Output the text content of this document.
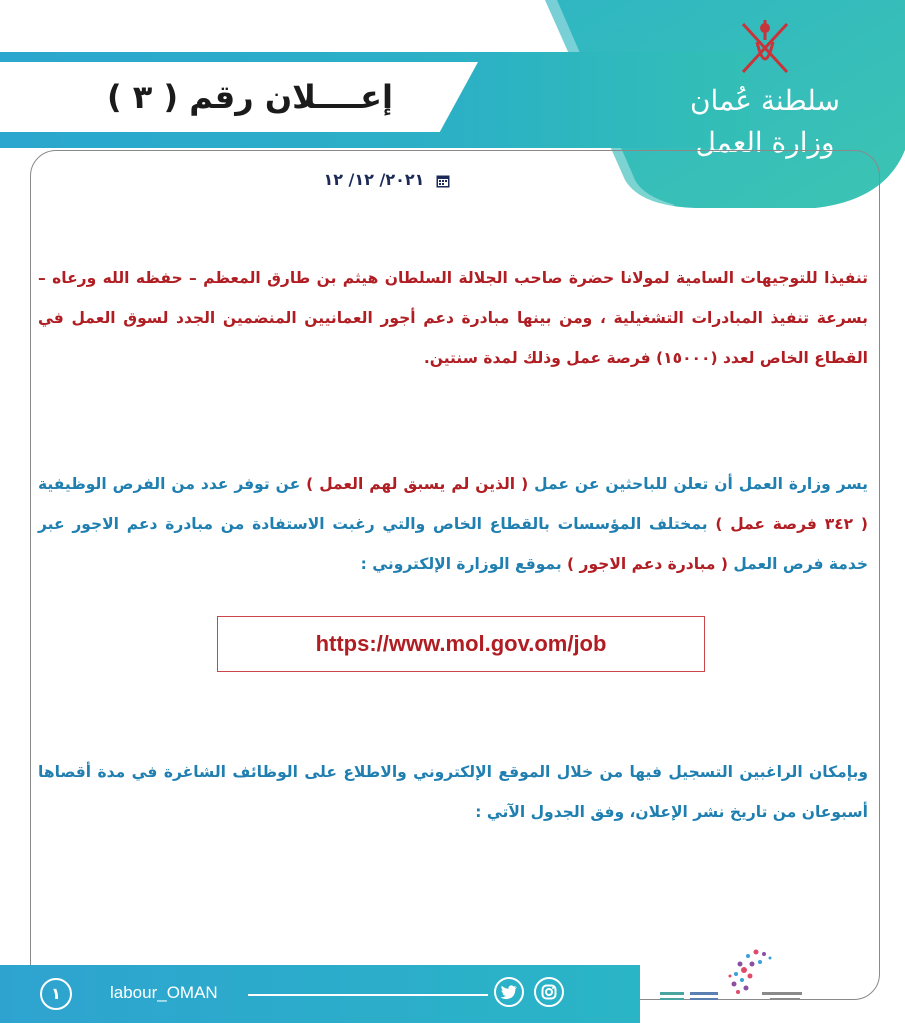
إعــــلان رقم ( ٣ )	سلطنة عُمان
وزارة العمل
٢٠٢١/ ١٢/ ١٢
تنفيذا للتوجيهات السامية لمولانا حضرة صاحب الجلالة السلطان هيثم بن طارق المعظم – حفظه الله ورعاه – بسرعة تنفيذ المبادرات التشغيلية ، ومن بينها مبادرة دعم أجور العمانيين المنضمين الجدد لسوق العمل في القطاع الخاص لعدد (١٥٠٠٠) فرصة عمل وذلك لمدة سنتين.
يسر وزارة العمل أن تعلن للباحثين عن عمل ( الذين لم يسبق لهم العمل ) عن توفر عدد من الفرص الوظيفية ( ٣٤٢ فرصة عمل ) بمختلف المؤسسات بالقطاع الخاص والتي رغبت الاستفادة من مبادرة دعم الاجور عبر خدمة فرص العمل ( مبادرة دعم الاجور ) بموقع الوزارة الإلكتروني :
https://www.mol.gov.om/job
وبإمكان الراغبين التسجيل فيها من خلال الموقع الإلكتروني والاطلاع على الوظائف الشاغرة في مدة أقصاها أسبوعان من تاريخ نشر الإعلان، وفق الجدول الآتي :
١	labour_OMAN
